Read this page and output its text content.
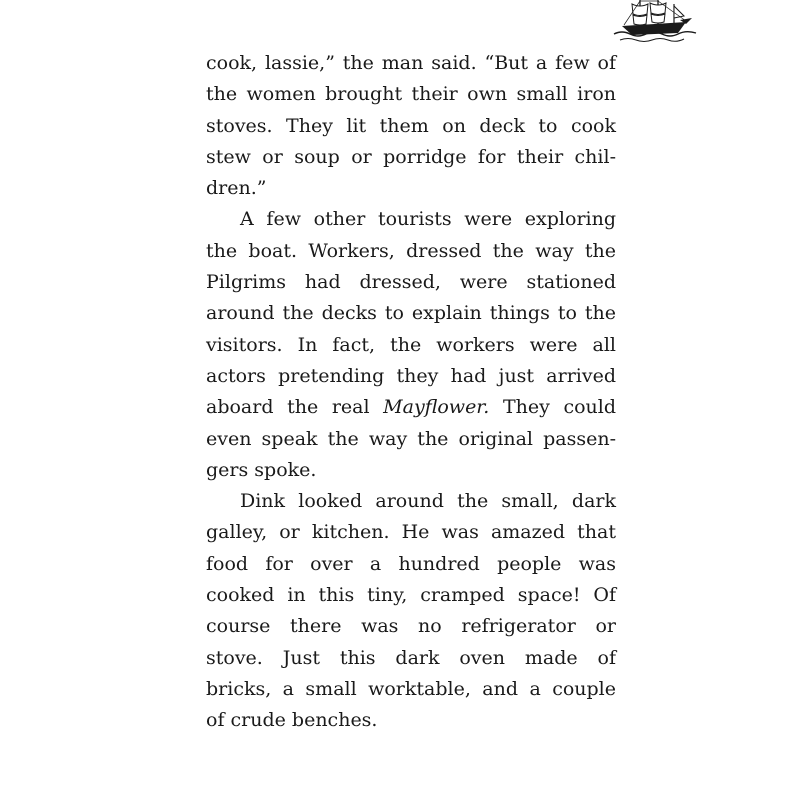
cook, lassie,” the man said. “But a few of
the women brought their own small iron
stoves. They lit them on deck to cook
stew or soup or porridge for their chil-
dren.”
A few other tourists were exploring
the boat. Workers, dressed the way the
Pilgrims had dressed, were stationed
around the decks to explain things to the
visitors. In fact, the workers were all
actors pretending they had just arrived
aboard the real Mayflower. They could
even speak the way the original passen-
gers spoke.
Dink looked around the small, dark
galley, or kitchen. He was amazed that
food for over a hundred people was
cooked in this tiny, cramped space! Of
course there was no refrigerator or
stove. Just this dark oven made of
bricks, a small worktable, and a couple
of crude benches.
